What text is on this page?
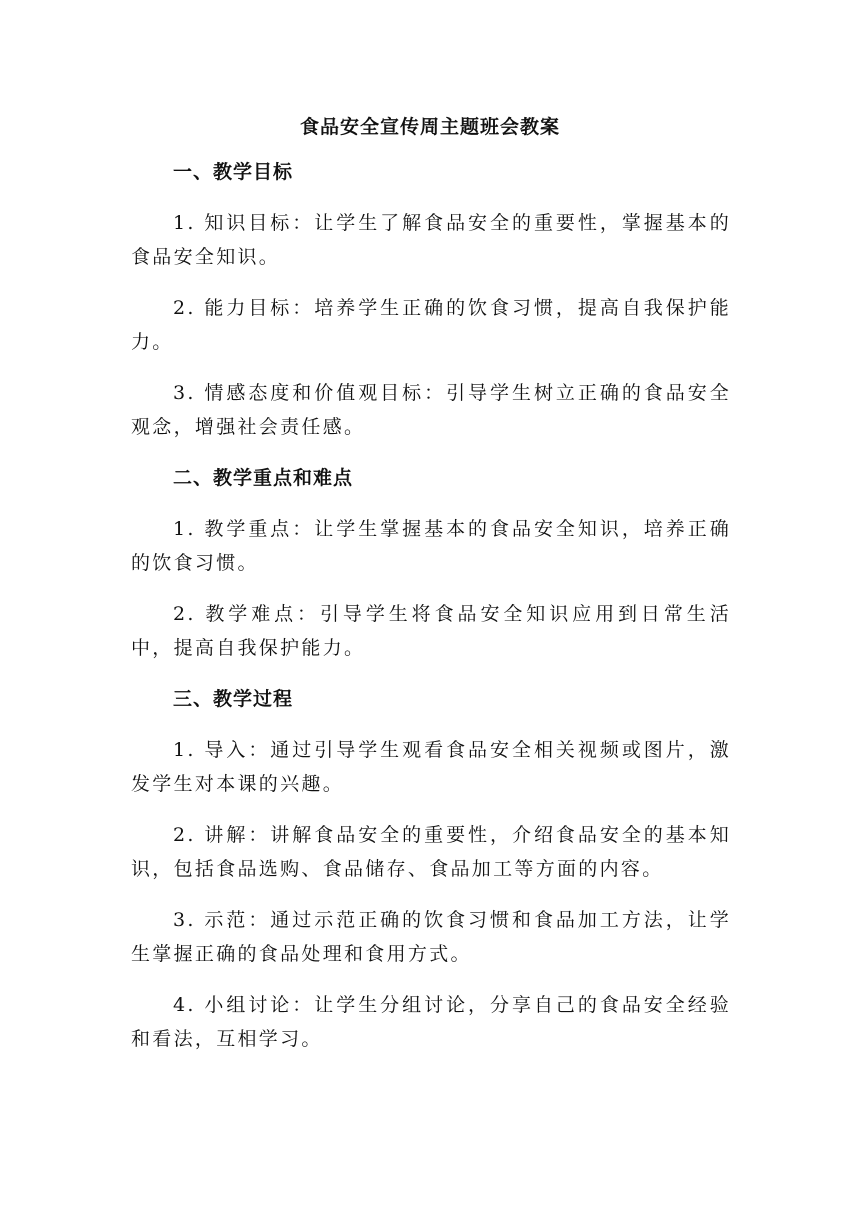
食品安全宣传周主题班会教案
一、教学目标

1. 知识目标：让学生了解食品安全的重要性，掌握基本的食品安全知识。

2. 能力目标：培养学生正确的饮食习惯，提高自我保护能力。

3. 情感态度和价值观目标：引导学生树立正确的食品安全观念，增强社会责任感。

二、教学重点和难点

1. 教学重点：让学生掌握基本的食品安全知识，培养正确的饮食习惯。

2. 教学难点：引导学生将食品安全知识应用到日常生活中，提高自我保护能力。

三、教学过程

1. 导入：通过引导学生观看食品安全相关视频或图片，激发学生对本课的兴趣。

2. 讲解：讲解食品安全的重要性，介绍食品安全的基本知识，包括食品选购、食品储存、食品加工等方面的内容。

3. 示范：通过示范正确的饮食习惯和食品加工方法，让学生掌握正确的食品处理和食用方式。

4. 小组讨论：让学生分组讨论，分享自己的食品安全经验和看法，互相学习。
